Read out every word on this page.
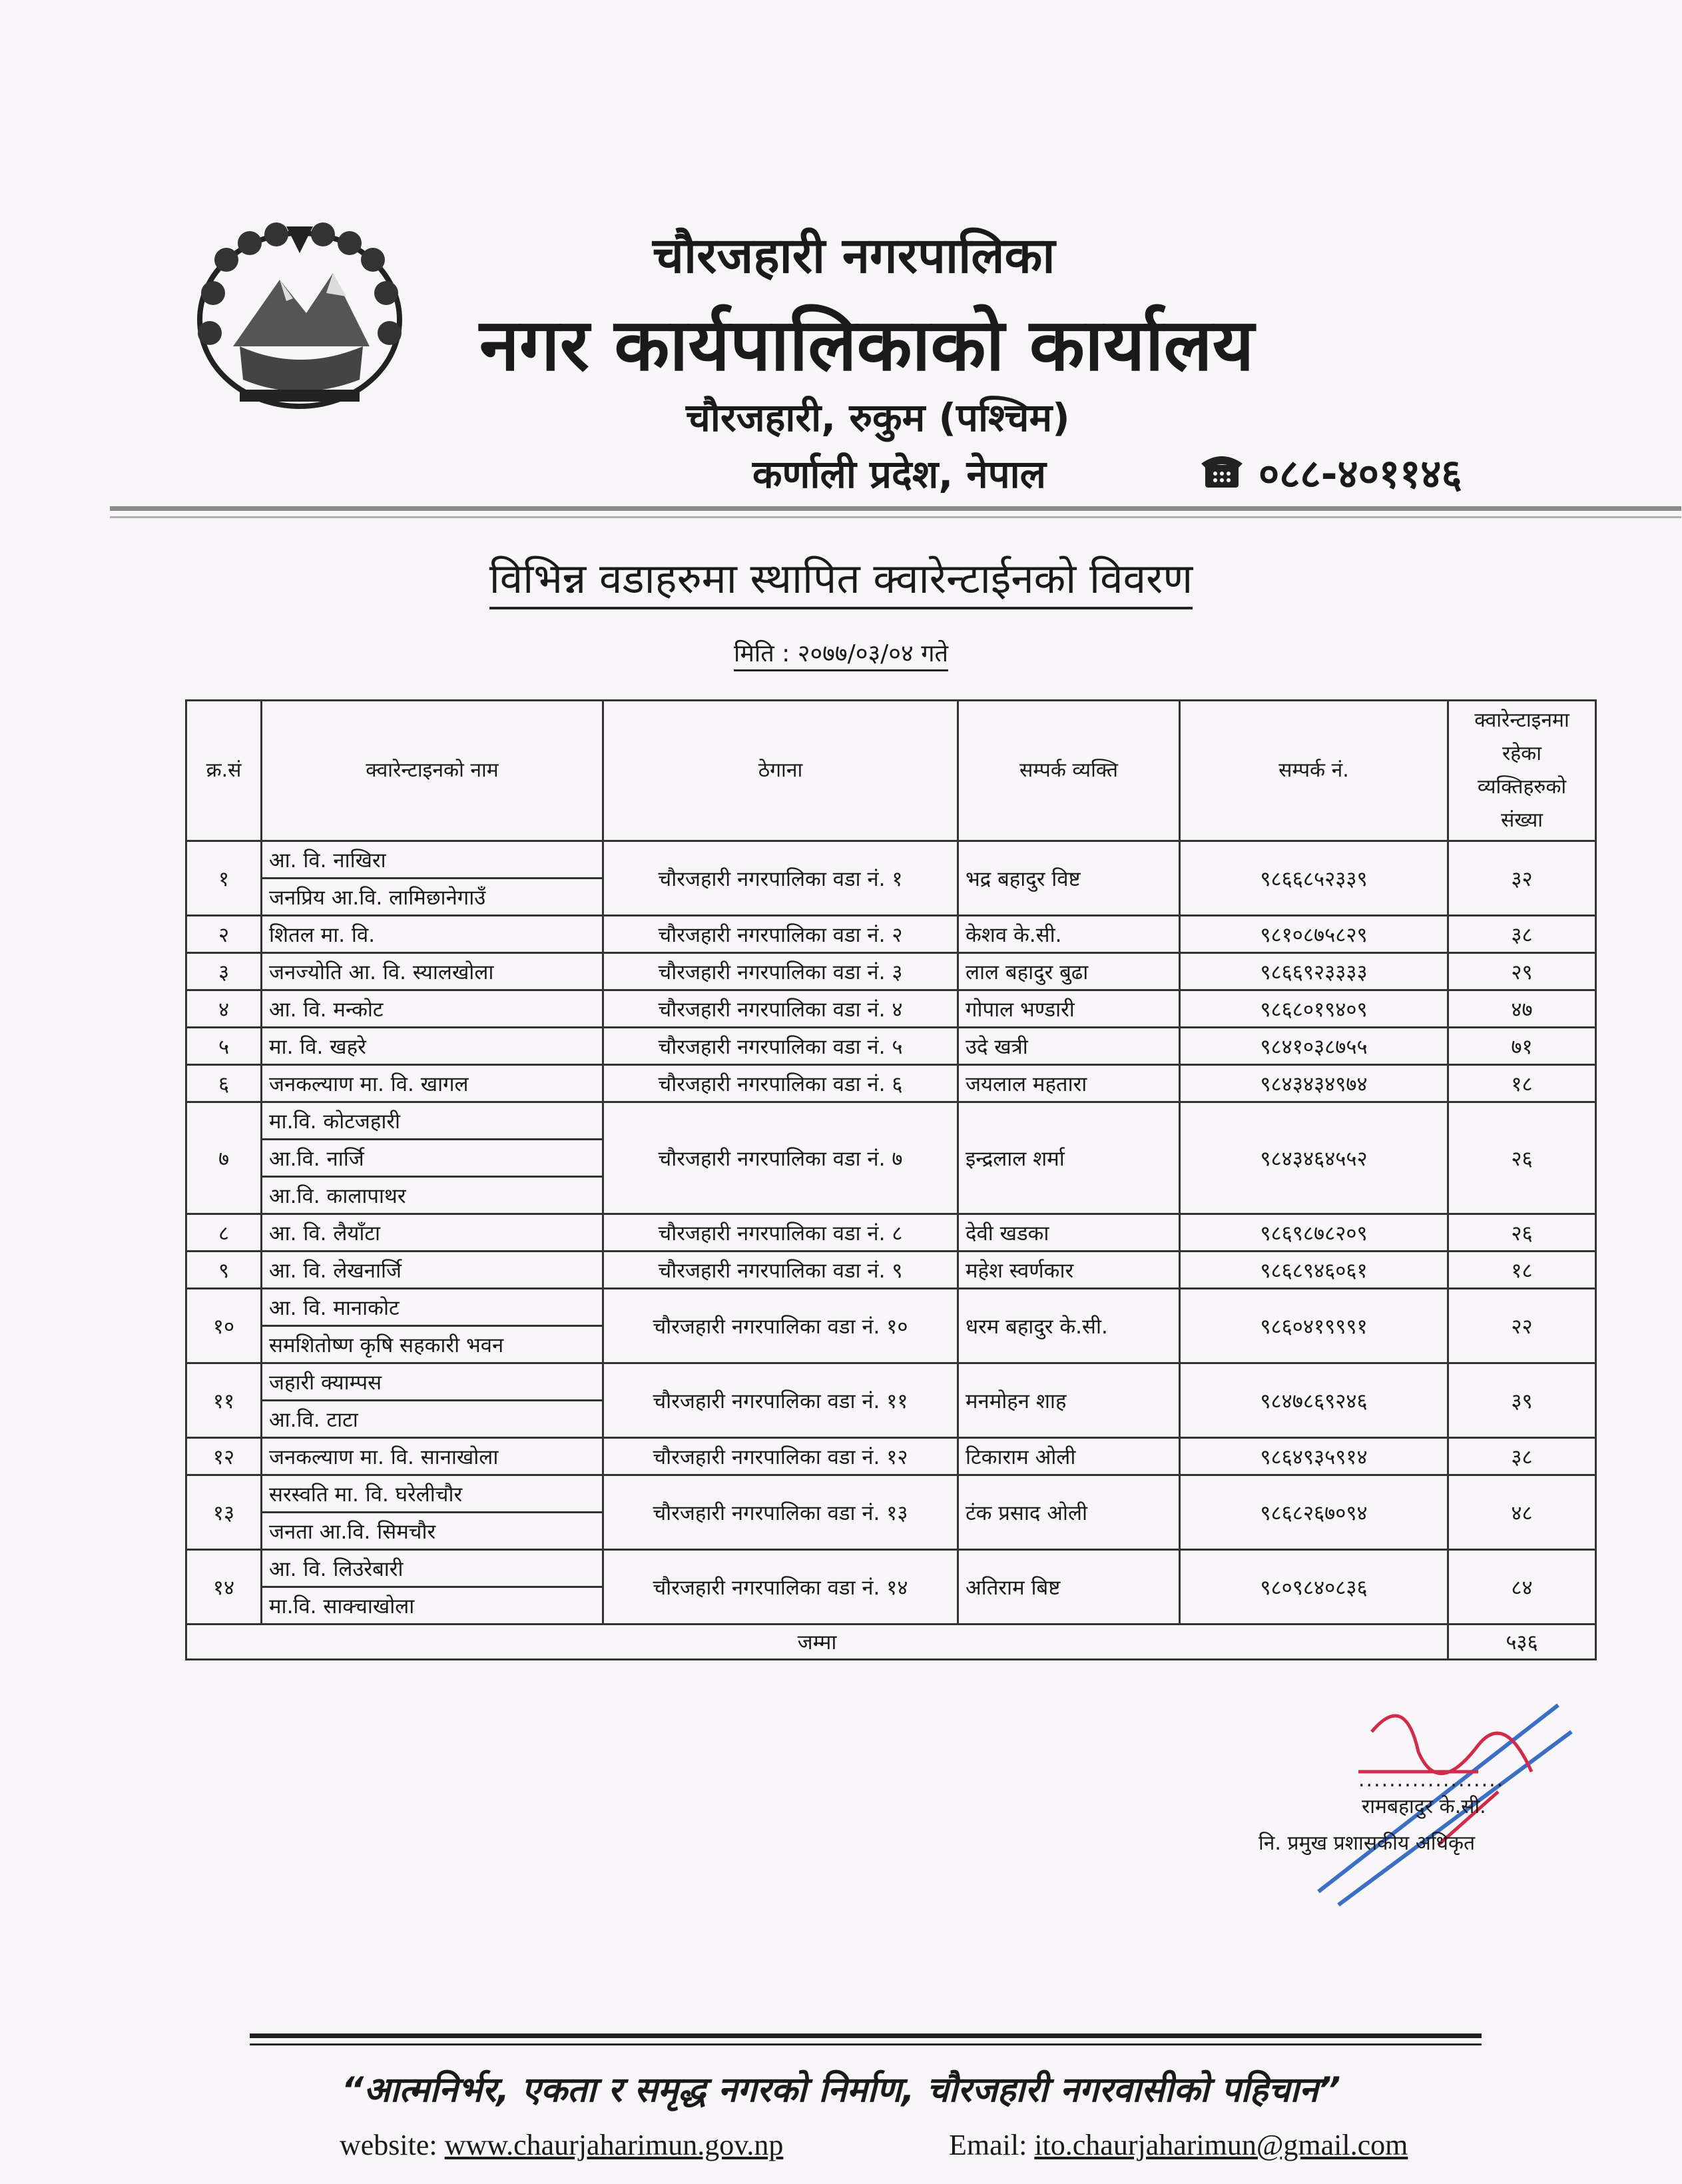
चौरजहारी नगरपालिका
नगर कार्यपालिकाको कार्यालय
चौरजहारी, रुकुम (पश्चिम)
कर्णाली प्रदेश, नेपाल	०८८-४०११४६
विभिन्न वडाहरुमा स्थापित क्वारेन्टाईनको विवरण
मिति : २०७७/०३/०४ गते
क्र.सं	क्वारेन्टाइनको नाम	ठेगाना	सम्पर्क व्यक्ति	सम्पर्क नं.	क्वारेन्टाइनमा रहेका व्यक्तिहरुको संख्या
१	आ. वि. नाखिरा	चौरजहारी नगरपालिका वडा नं. १	भद्र बहादुर विष्ट	९८६६८५२३३९	३२
	जनप्रिय आ.वि. लामिछानेगाउँ				
२	शितल मा. वि.	चौरजहारी नगरपालिका वडा नं. २	केशव के.सी.	९८१०८७५८२९	३८
३	जनज्योति आ. वि. स्यालखोला	चौरजहारी नगरपालिका वडा नं. ३	लाल बहादुर बुढा	९८६६९२३३३३	२९
४	आ. वि. मन्कोट	चौरजहारी नगरपालिका वडा नं. ४	गोपाल भण्डारी	९८६८०१९४०९	४७
५	मा. वि. खहरे	चौरजहारी नगरपालिका वडा नं. ५	उदे खत्री	९८४१०३८७५५	७१
६	जनकल्याण मा. वि. खागल	चौरजहारी नगरपालिका वडा नं. ६	जयलाल महतारा	९८४३४३४९७४	१८
७	मा.वि. कोटजहारी	चौरजहारी नगरपालिका वडा नं. ७	इन्द्रलाल शर्मा	९८४३४६४५५२	२६
	आ.वि. नार्जि				
	आ.वि. कालापाथर				
८	आ. वि. लैयाँटा	चौरजहारी नगरपालिका वडा नं. ८	देवी खडका	९८६९८७८२०९	२६
९	आ. वि. लेखनार्जि	चौरजहारी नगरपालिका वडा नं. ९	महेश स्वर्णकार	९८६८९४६०६१	१८
१०	आ. वि. मानाकोट	चौरजहारी नगरपालिका वडा नं. १०	धरम बहादुर के.सी.	९८६०४१९९९१	२२
	समशितोष्ण कृषि सहकारी भवन				
११	जहारी क्याम्पस	चौरजहारी नगरपालिका वडा नं. ११	मनमोहन शाह	९८४७८६९२४६	३९
	आ.वि. टाटा				
१२	जनकल्याण मा. वि. सानाखोला	चौरजहारी नगरपालिका वडा नं. १२	टिकाराम ओली	९८६४९३५९१४	३८
१३	सरस्वति मा. वि. घरेलीचौर	चौरजहारी नगरपालिका वडा नं. १३	टंक प्रसाद ओली	९८६८२६७०९४	४८
	जनता आ.वि. सिमचौर				
१४	आ. वि. लिउरेबारी	चौरजहारी नगरपालिका वडा नं. १४	अतिराम बिष्ट	९८०९८४०८३६	८४
	मा.वि. साक्चाखोला				
जम्मा					५३६
...................
रामबहादुर के.सी.
नि. प्रमुख प्रशासकीय अधिकृत
“आत्मनिर्भर, एकता र समृद्ध नगरको निर्माण, चौरजहारी नगरवासीको पहिचान”
website: www.chaurjaharimun.gov.np	Email: ito.chaurjaharimun@gmail.com
